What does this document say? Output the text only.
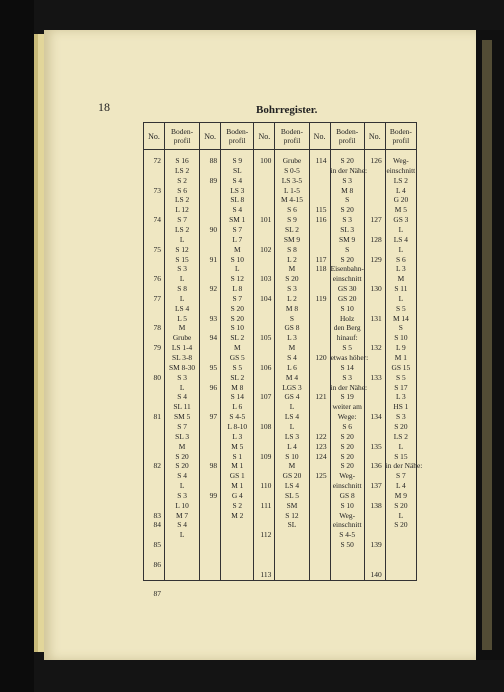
18	Bohrregister.
No.
Boden-
profil
72
73
74
75
76
77
78
79
80
81
82
83
84
85
86
87
S 16
LS 2
S 2
S 6
LS 2
L 12
S 7
LS 2
L
S 12
S 15
S 3
L
S 8
L
LS 4
L 5
M
Grube
LS 1-4
SL 3-8
SM 8-30
S 3
L
S 4
SL 11
SM 5
S 7
SL 3
M
S 20
S 20
S 4
L
S 3
L 10
M 7
S 4
L
No.
Boden-
profil
88
89
90
91
92
93
94
95
96
97
98
99
S 9
SL
S 4
LS 3
SL 8
S 4
SM 1
S 7
L 7
M
S 10
L
S 12
L 8
S 7
S 20
S 20
S 10
SL 2
M
GS 5
S 5
SL 2
M 8
S 14
L 6
S 4-5
L 8-10
L 3
M 5
S 1
M 1
GS 1
M 1
G 4
S 2
M 2
No.
Boden-
profil
100
101
102
103
104
105
106
107
108
109
110
111
112
113
Grube
S 0-5
LS 3-5
L 1-5
M 4-15
S 6
S 9
SL 2
SM 9
S 8
L 2
M
S 20
S 3
L 2
M 8
S
GS 8
L 3
M
S 4
L 6
M 4
LGS 3
GS 4
L
LS 4
L
LS 3
L 4
S 10
M
GS 20
LS 4
SL 5
SM
S 12
SL
No.
Boden-
profil
114
115
116
117
118
119
120
121
122
123
124
125
S 20
in der Nähe:
S 3
M 8
S
S 20
S 3
SL 3
SM 9
S
S 20
Eisenbahn-
einschnitt
GS 30
GS 20
S 10
Holz
den Berg
hinauf:
S 5
etwas höher:
S 14
S 3
in der Nähe:
S 19
weiter am
Wege:
S 6
S 20
S 20
S 20
S 20
Weg-
einschnitt
GS 8
S 10
Weg-
einschnitt
S 4-5
S 50
No.
Boden-
profil
126
127
128
129
130
131
132
133
134
135
136
137
138
139
140
Weg-
einschnitt
LS 2
L 4
G 20
M 5
GS 3
L
LS 4
L
S 6
L 3
M
S 11
L
S 5
M 14
S
S 10
L 9
M 1
GS 15
S 5
S 17
L 3
HS 1
S 3
S 20
LS 2
L
S 15
in der Nähe:
S 7
L 4
M 9
S 20
L
S 20
